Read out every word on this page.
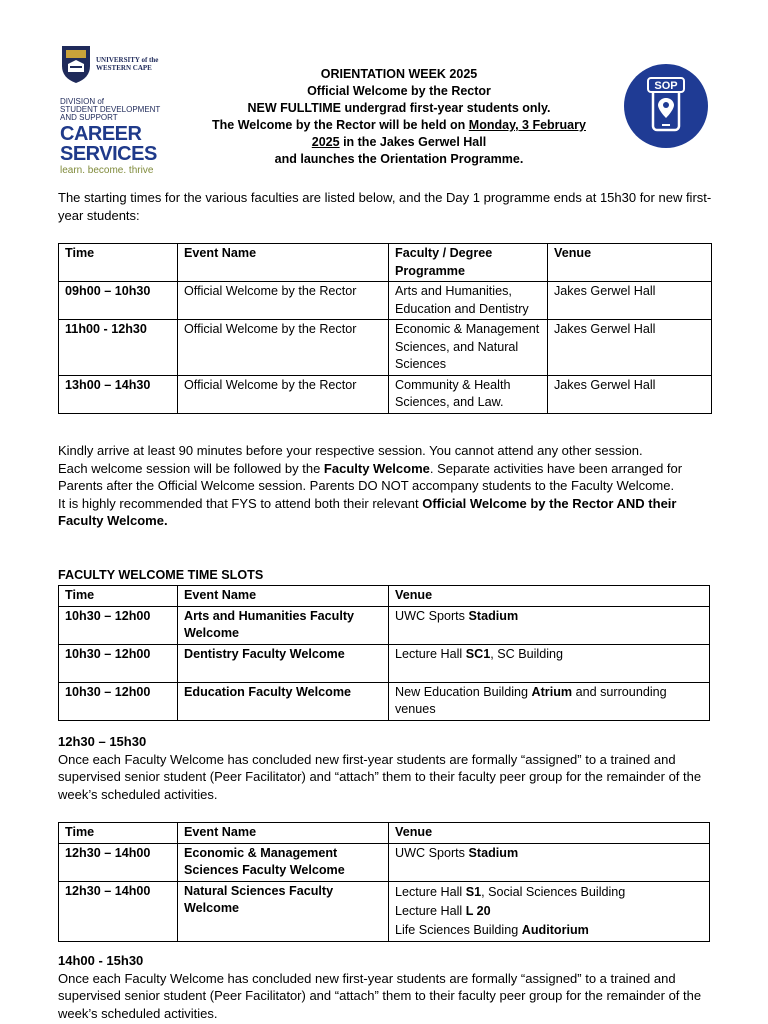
UNIVERSITY of the
WESTERN CAPE
DIVISION of
STUDENT DEVELOPMENT
AND SUPPORT
CAREER
SERVICES
learn. become. thrive
ORIENTATION WEEK 2025
Official Welcome by the Rector
NEW FULLTIME undergrad first-year students only.
The Welcome by the Rector will be held on Monday, 3 February
2025 in the Jakes Gerwel Hall
and launches the Orientation Programme.
SOP
The starting times for the various faculties are listed below, and the Day 1 programme ends at 15h30 for new first-year students:
Time	Event Name	Faculty / Degree Programme	Venue
09h00 – 10h30	Official Welcome by the Rector	Arts and Humanities, Education and Dentistry	Jakes Gerwel Hall
11h00 - 12h30	Official Welcome by the Rector	Economic & Management Sciences, and Natural Sciences	Jakes Gerwel Hall
13h00 – 14h30	Official Welcome by the Rector	Community & Health Sciences, and Law.	Jakes Gerwel Hall
Kindly arrive at least 90 minutes before your respective session. You cannot attend any other session.
Each welcome session will be followed by the Faculty Welcome. Separate activities have been arranged for Parents after the Official Welcome session. Parents DO NOT accompany students to the Faculty Welcome.
It is highly recommended that FYS to attend both their relevant Official Welcome by the Rector AND their Faculty Welcome.
FACULTY WELCOME TIME SLOTS
Time	Event Name	Venue
10h30 – 12h00	Arts and Humanities Faculty Welcome	UWC Sports Stadium
10h30 – 12h00	Dentistry Faculty Welcome	Lecture Hall SC1, SC Building
10h30 – 12h00	Education Faculty Welcome	New Education Building Atrium and surrounding venues
12h30 – 15h30
Once each Faculty Welcome has concluded new first-year students are formally “assigned” to a trained and supervised senior student (Peer Facilitator) and “attach” them to their faculty peer group for the remainder of the week’s scheduled activities.
Time	Event Name	Venue
12h30 – 14h00	Economic & Management Sciences Faculty Welcome	UWC Sports Stadium
12h30 – 14h00	Natural Sciences Faculty Welcome	Lecture Hall S1, Social Sciences Building
Lecture Hall L 20
Life Sciences Building Auditorium
14h00 - 15h30
Once each Faculty Welcome has concluded new first-year students are formally “assigned” to a trained and supervised senior student (Peer Facilitator) and “attach” them to their faculty peer group for the remainder of the week’s scheduled activities.
